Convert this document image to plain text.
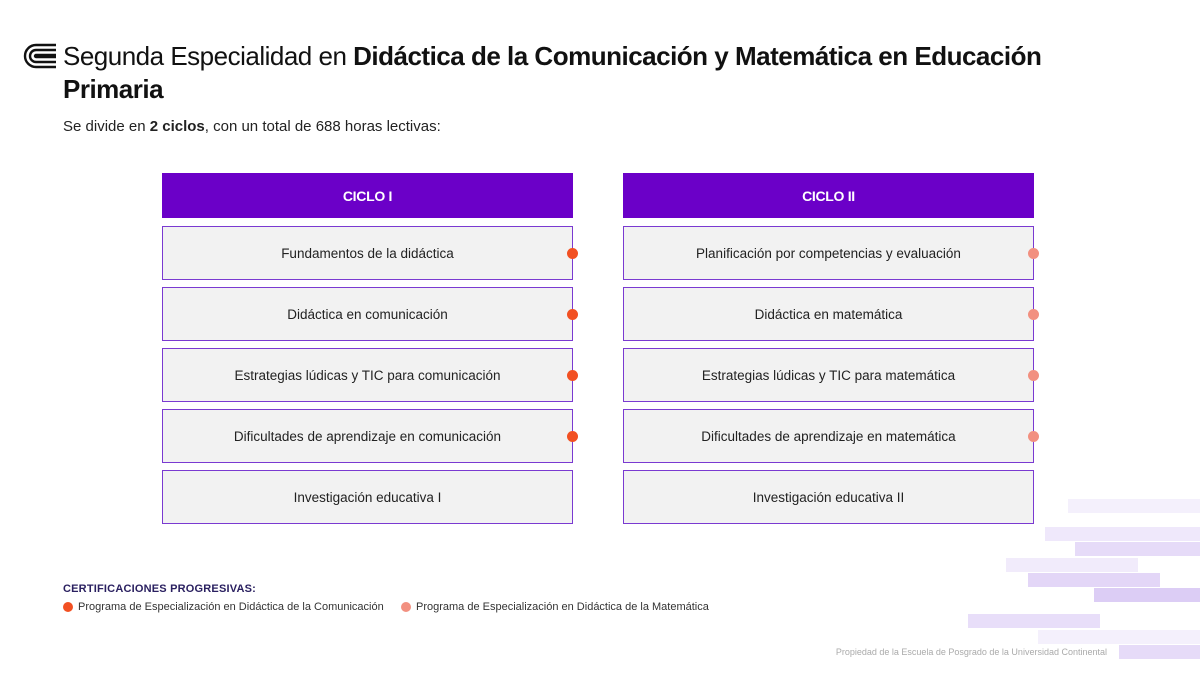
Segunda Especialidad en Didáctica de la Comunicación y Matemática en Educación Primaria

Se divide en 2 ciclos, con un total de 688 horas lectivas:

CICLO I
Fundamentos de la didáctica
Didáctica en comunicación
Estrategias lúdicas y TIC para comunicación
Dificultades de aprendizaje en comunicación
Investigación educativa I
CICLO II
Planificación por competencias y evaluación
Didáctica en matemática
Estrategias lúdicas y TIC para matemática
Dificultades de aprendizaje en matemática
Investigación educativa II
CERTIFICACIONES PROGRESIVAS:
Programa de Especialización en Didáctica de la Comunicación	Programa de Especialización en Didáctica de la Matemática
Propiedad de la Escuela de Posgrado de la Universidad Continental
